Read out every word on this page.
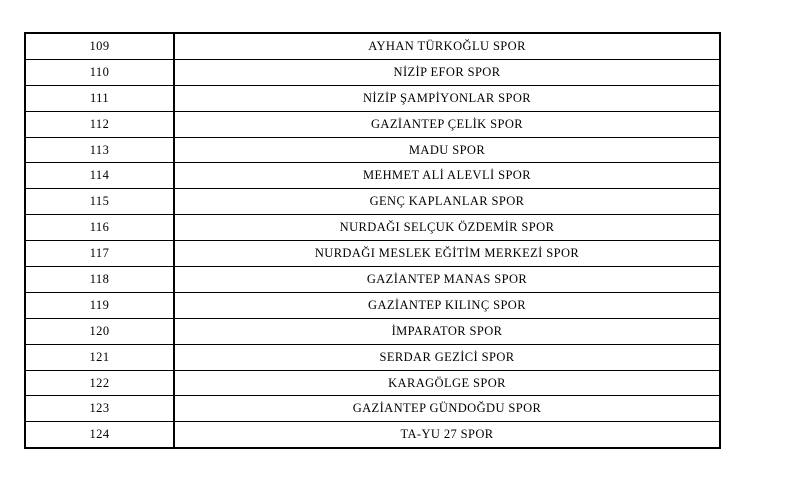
109	AYHAN TÜRKOĞLU SPOR
110	NİZİP EFOR SPOR
111	NİZİP ŞAMPİYONLAR SPOR
112	GAZİANTEP ÇELİK SPOR
113	MADU SPOR
114	MEHMET ALİ ALEVLİ SPOR
115	GENÇ KAPLANLAR SPOR
116	NURDAĞI SELÇUK ÖZDEMİR SPOR
117	NURDAĞI MESLEK EĞİTİM MERKEZİ SPOR
118	GAZİANTEP MANAS SPOR
119	GAZİANTEP KILINÇ SPOR
120	İMPARATOR SPOR
121	SERDAR GEZİCİ SPOR
122	KARAGÖLGE SPOR
123	GAZİANTEP GÜNDOĞDU SPOR
124	TA-YU 27 SPOR
